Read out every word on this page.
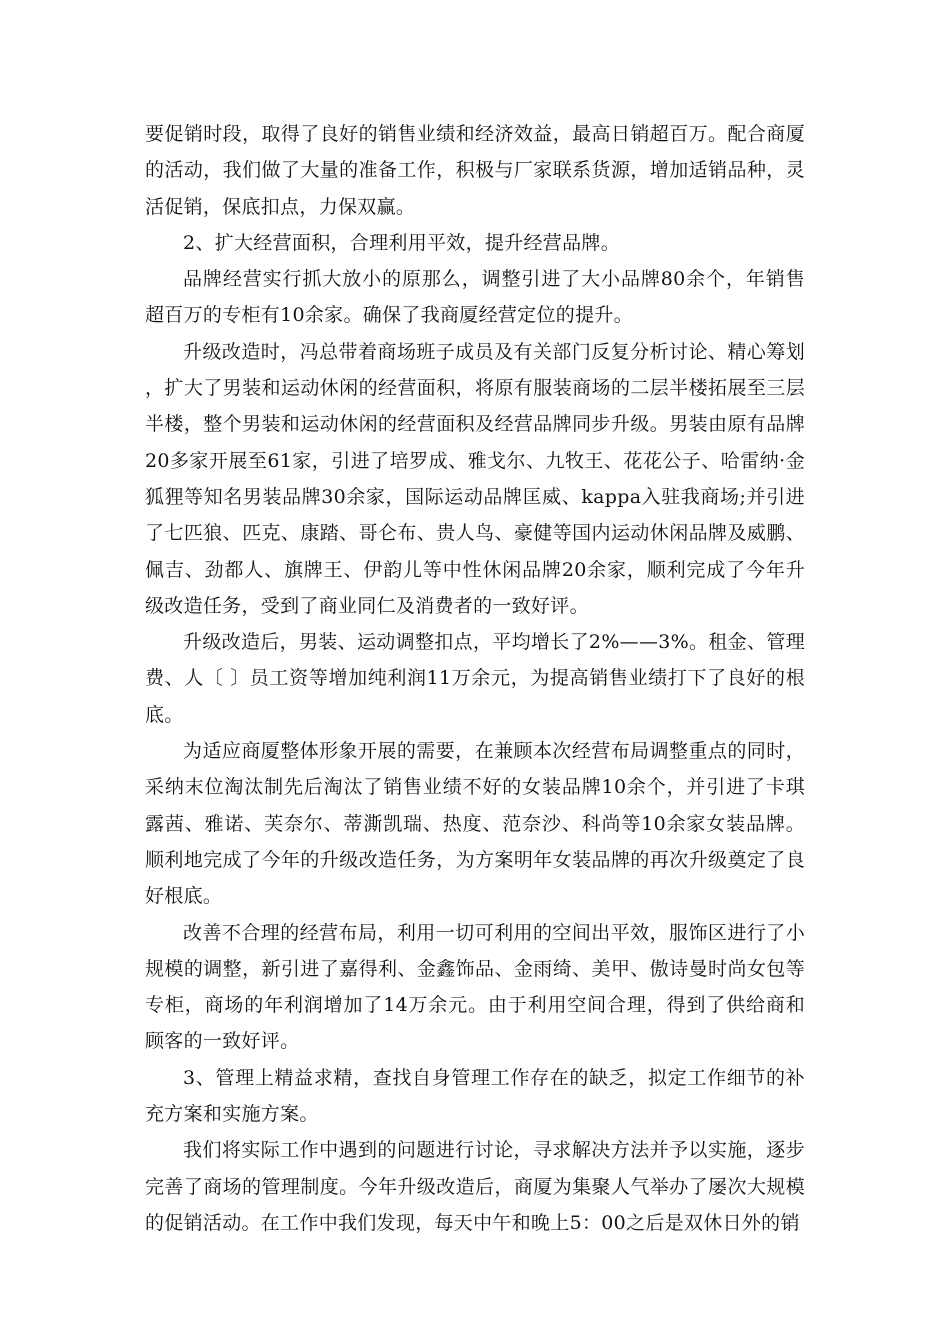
要促销时段，取得了良好的销售业绩和经济效益，最高日销超百万。配合商厦的活动，我们做了大量的准备工作，积极与厂家联系货源，增加适销品种，灵活促销，保底扣点，力保双赢。

2、扩大经营面积，合理利用平效，提升经营品牌。

品牌经营实行抓大放小的原那么，调整引进了大小品牌80余个，年销售超百万的专柜有10余家。确保了我商厦经营定位的提升。

升级改造时，冯总带着商场班子成员及有关部门反复分析讨论、精心筹划，扩大了男装和运动休闲的经营面积，将原有服装商场的二层半楼拓展至三层半楼，整个男装和运动休闲的经营面积及经营品牌同步升级。男装由原有品牌20多家开展至61家，引进了培罗成、雅戈尔、九牧王、花花公子、哈雷纳·金狐狸等知名男装品牌30余家，国际运动品牌匡威、kappa入驻我商场;并引进了七匹狼、匹克、康踏、哥仑布、贵人鸟、豪健等国内运动休闲品牌及威鹏、佩吉、劲都人、旗牌王、伊韵儿等中性休闲品牌20余家，顺利完成了今年升级改造任务，受到了商业同仁及消费者的一致好评。

升级改造后，男装、运动调整扣点，平均增长了2%——3%。租金、管理费、人〔 〕员工资等增加纯利润11万余元，为提高销售业绩打下了良好的根底。

为适应商厦整体形象开展的需要，在兼顾本次经营布局调整重点的同时，采纳末位淘汰制先后淘汰了销售业绩不好的女装品牌10余个，并引进了卡琪露茜、雅诺、芙奈尔、蒂澌凯瑞、热度、范奈沙、科尚等10余家女装品牌。顺利地完成了今年的升级改造任务，为方案明年女装品牌的再次升级奠定了良好根底。

改善不合理的经营布局，利用一切可利用的空间出平效，服饰区进行了小规模的调整，新引进了嘉得利、金鑫饰品、金雨绮、美甲、傲诗曼时尚女包等专柜，商场的年利润增加了14万余元。由于利用空间合理，得到了供给商和顾客的一致好评。

3、管理上精益求精，查找自身管理工作存在的缺乏，拟定工作细节的补充方案和实施方案。

我们将实际工作中遇到的问题进行讨论，寻求解决方法并予以实施，逐步完善了商场的管理制度。今年升级改造后，商厦为集聚人气举办了屡次大规模的促销活动。在工作中我们发现，每天中午和晚上5：00之后是双休日外的销
